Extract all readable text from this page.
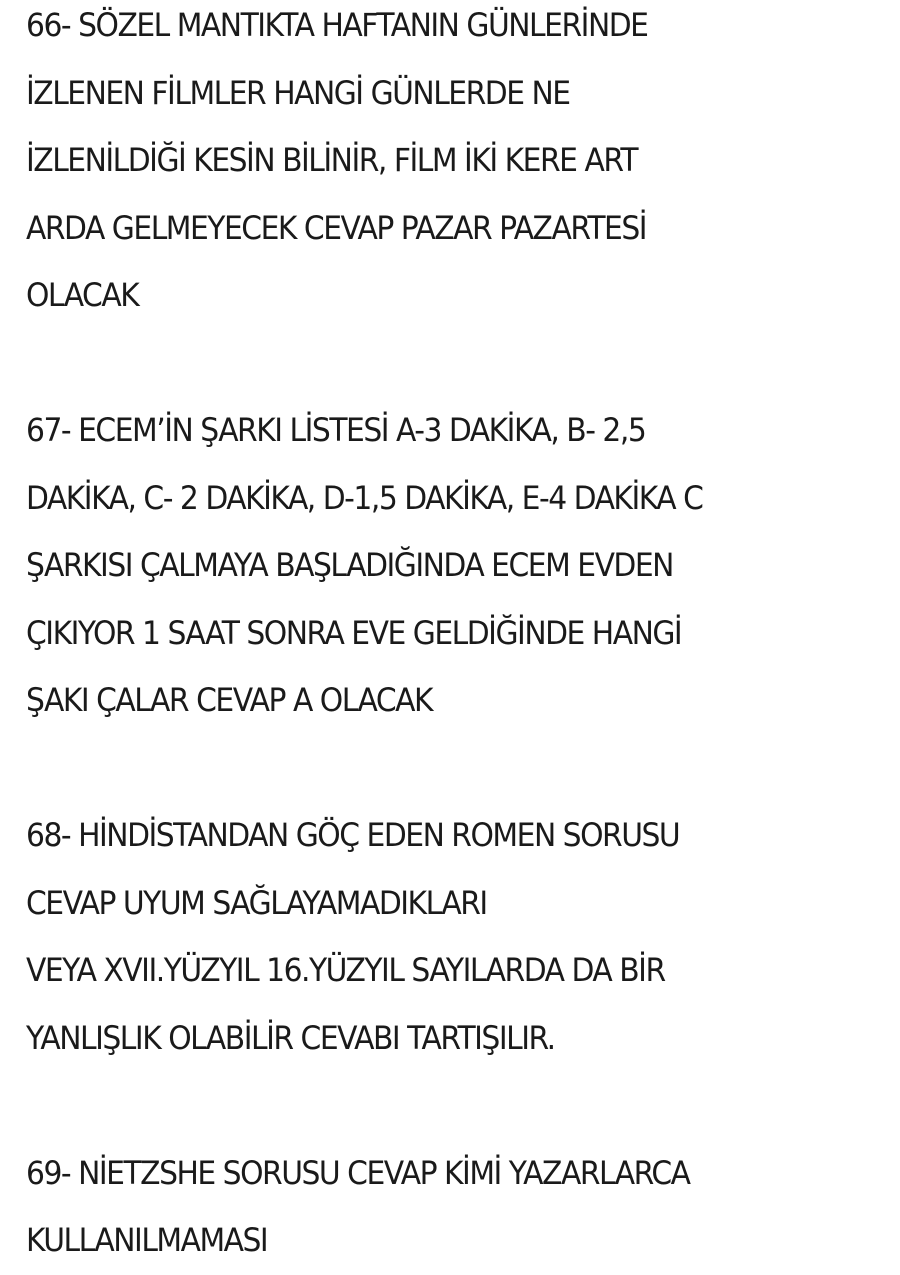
66- SÖZEL MANTIKTA HAFTANIN GÜNLERİNDE
İZLENEN FİLMLER HANGİ GÜNLERDE NE
İZLENİLDİĞİ KESİN BİLİNİR, FİLM İKİ KERE ART
ARDA GELMEYECEK CEVAP PAZAR PAZARTESİ
OLACAK
67- ECEM’İN ŞARKI LİSTESİ A-3 DAKİKA, B- 2,5
DAKİKA, C- 2 DAKİKA, D-1,5 DAKİKA, E-4 DAKİKA C
ŞARKISI ÇALMAYA BAŞLADIĞINDA ECEM EVDEN
ÇIKIYOR 1 SAAT SONRA EVE GELDİĞİNDE HANGİ
ŞAKI ÇALAR CEVAP A OLACAK
68- HİNDİSTANDAN GÖÇ EDEN ROMEN SORUSU
CEVAP UYUM SAĞLAYAMADIKLARI
VEYA XVII.YÜZYIL 16.YÜZYIL SAYILARDA DA BİR
YANLIŞLIK OLABİLİR CEVABI TARTIŞILIR.
69- NİETZSHE SORUSU CEVAP KİMİ YAZARLARCA
KULLANILMAMASI
